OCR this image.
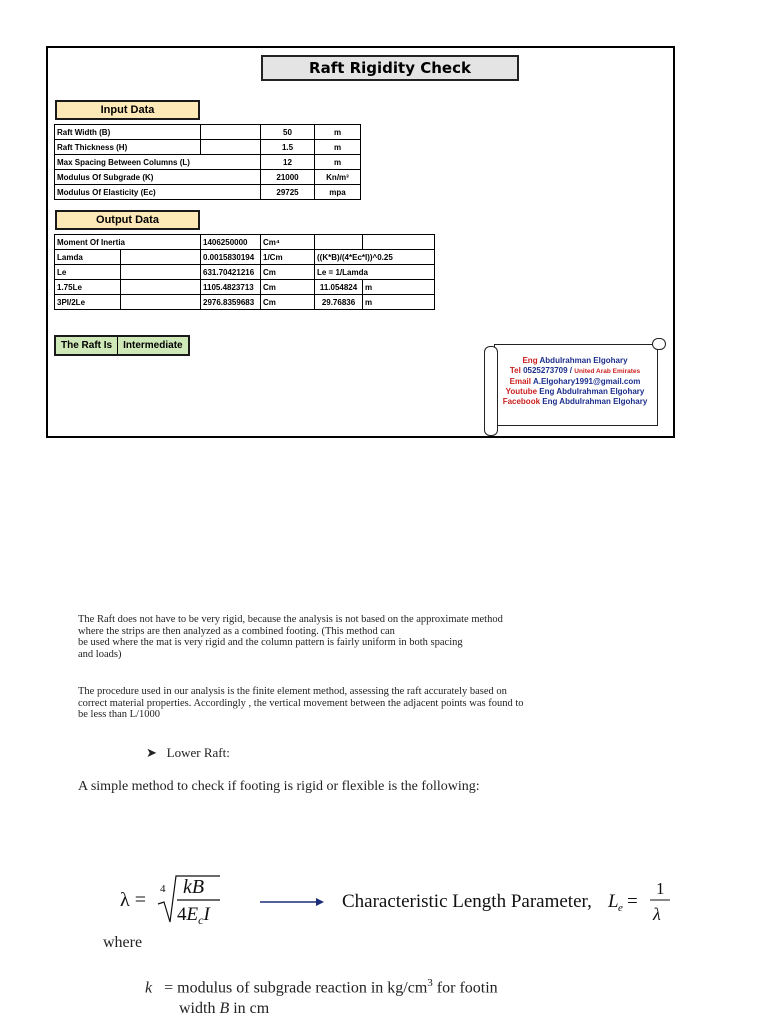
Raft Rigidity Check
Input Data
Raft Width (B)		50	m
Raft Thickness (H)		1.5	m
Max Spacing Between Columns (L)		12	m
Modulus Of Subgrade (K)		21000	Kn/m³
Modulus Of Elasticity (Ec)		29725	mpa
Output Data
Moment Of Inertia		1406250000	Cm⁴		
Lamda		0.0015830194	1/Cm	((K*B)/(4*Ec*I))^0.25	
Le		631.70421216	Cm	Le = 1/Lamda	
1.75Le		1105.4823713	Cm	11.054824	m
3PI/2Le		2976.8359683	Cm	29.76836	m
The Raft Is	Intermediate
Eng Abdulrahman Elgohary
Tel 0525273709 / United Arab Emirates
Email A.Elgohary1991@gmail.com
Youtube Eng Abdulrahman Elgohary
Facebook Eng Abdulrahman Elgohary
The Raft does not have to be very rigid, because the analysis is not based on the approximate method
where the strips are then analyzed as a combined footing. (This method can
be used where the mat is very rigid and the column pattern is fairly uniform in both spacing
and loads)
The procedure used in our analysis is the finite element method, assessing the raft accurately based on
correct material properties. Accordingly , the vertical movement between the adjacent points was found to
be less than L/1000
➤ Lower Raft:
A simple method to check if footing is rigid or flexible is the following:
λ = 4 kB
$4E_cI$
Characteristic Length Parameter, L e =
1
λ
where
k = modulus of subgrade reaction in $kg/cm^3$ for footin
width B in cm
